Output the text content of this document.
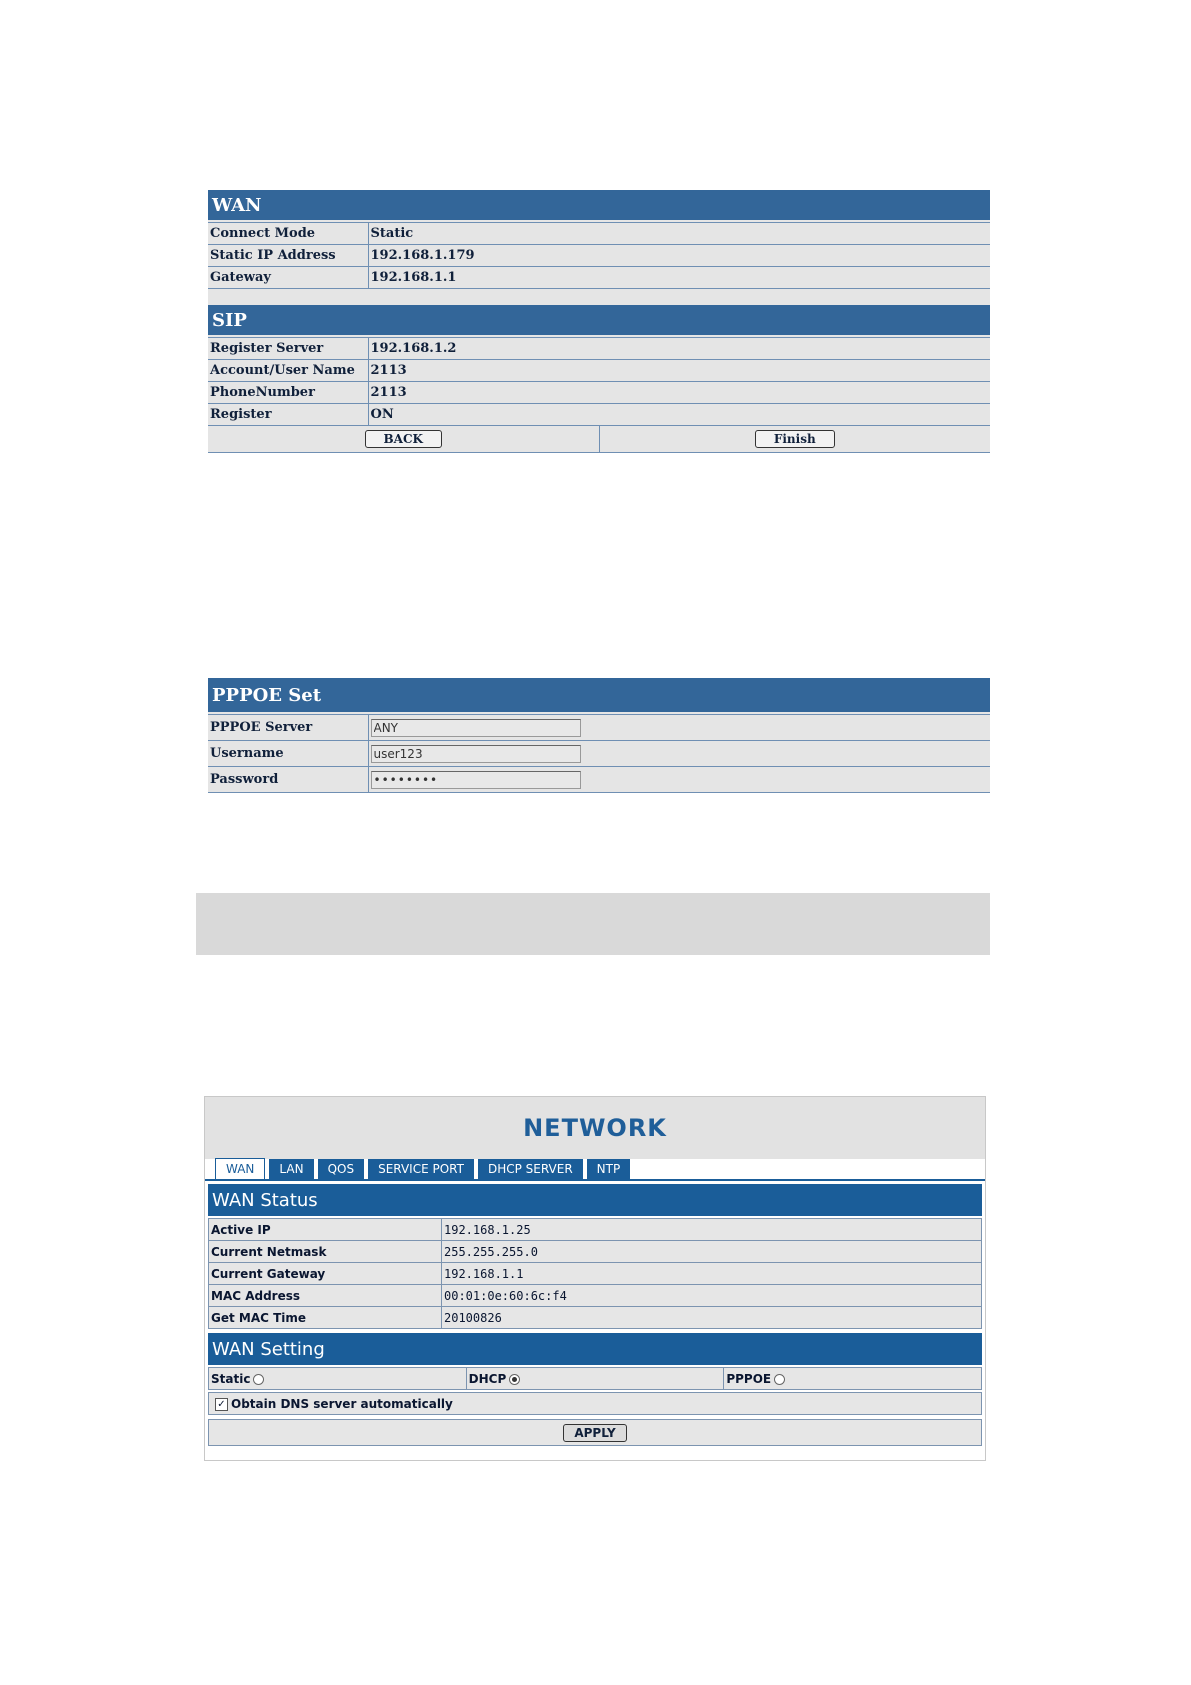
WAN
Connect Mode	Static
Static IP Address	192.168.1.179
Gateway	192.168.1.1
SIP
Register Server	192.168.1.2
Account/User Name	2113
PhoneNumber	2113
Register	ON
BACK	Finish
PPPOE Set
PPPOE Server	ANY
Username	user123
Password	••••••••
NETWORK
WAN	LAN	QOS	SERVICE PORT	DHCP SERVER	NTP
WAN Status
Active IP	192.168.1.25
Current Netmask	255.255.255.0
Current Gateway	192.168.1.1
MAC Address	00:01:0e:60:6c:f4
Get MAC Time	20100826
WAN Setting
Static	DHCP	PPPOE
✓ Obtain DNS server automatically
APPLY
